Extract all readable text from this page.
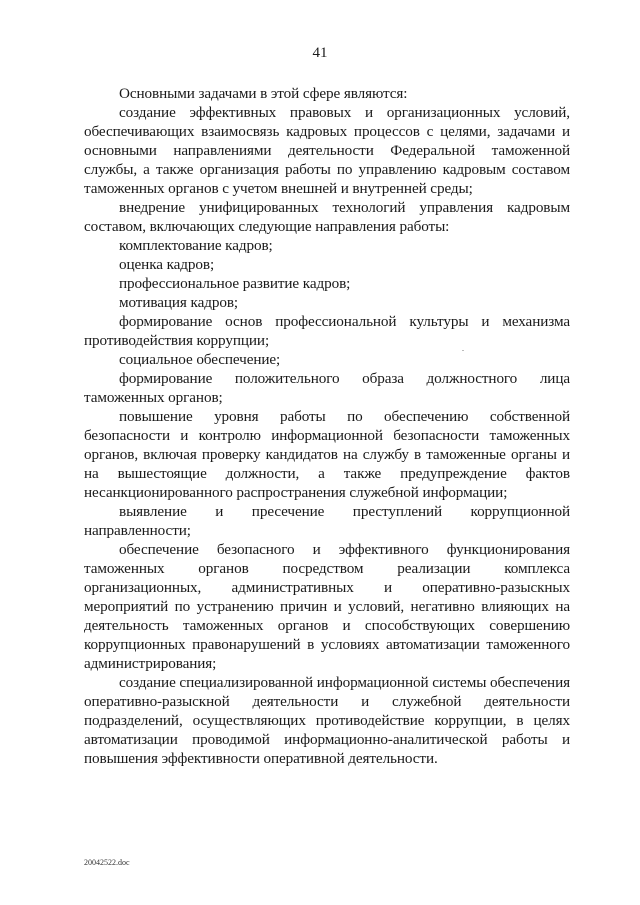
41

Основными задачами в этой сфере являются:

создание эффективных правовых и организационных условий, обеспечивающих взаимосвязь кадровых процессов с целями, задачами и основными направлениями деятельности Федеральной таможенной службы, а также организация работы по управлению кадровым составом таможенных органов с учетом внешней и внутренней среды;

внедрение унифицированных технологий управления кадровым составом, включающих следующие направления работы:

комплектование кадров;

оценка кадров;

профессиональное развитие кадров;

мотивация кадров;

формирование основ профессиональной культуры и механизма противодействия коррупции;

социальное обеспечение;

формирование положительного образа должностного лица таможенных органов;

повышение уровня работы по обеспечению собственной безопасности и контролю информационной безопасности таможенных органов, включая проверку кандидатов на службу в таможенные органы и на вышестоящие должности, а также предупреждение фактов несанкционированного распространения служебной информации;

выявление и пресечение преступлений коррупционной направленности;

обеспечение безопасного и эффективного функционирования таможенных органов посредством реализации комплекса организационных, административных и оперативно-разыскных мероприятий по устранению причин и условий, негативно влияющих на деятельность таможенных органов и способствующих совершению коррупционных правонарушений в условиях автоматизации таможенного администрирования;

создание специализированной информационной системы обеспечения оперативно-разыскной деятельности и служебной деятельности подразделений, осуществляющих противодействие коррупции, в целях автоматизации проводимой информационно-аналитической работы и повышения эффективности оперативной деятельности.

20042522.doc
